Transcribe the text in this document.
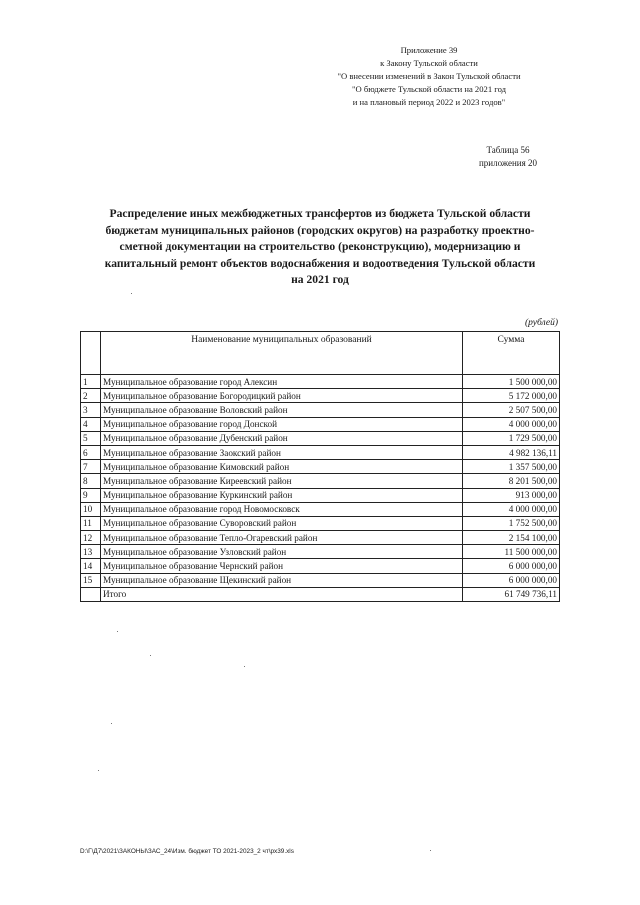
Приложение 39
к Закону Тульской области
"О внесении изменений в Закон Тульской области
"О бюджете Тульской области на 2021 год
и на плановый период 2022 и 2023 годов"
Таблица 56
приложения 20
Распределение иных межбюджетных трансфертов из бюджета Тульской области
бюджетам муниципальных районов (городских округов) на разработку проектно-
сметной документации на строительство (реконструкцию), модернизацию и
капитальный ремонт объектов водоснабжения и водоотведения Тульской области
на 2021 год
(рублей)
	Наименование муниципальных образований	Сумма
1	Муниципальное образование город Алексин	1 500 000,00
2	Муниципальное образование Богородицкий район	5 172 000,00
3	Муниципальное образование Воловский район	2 507 500,00
4	Муниципальное образование город Донской	4 000 000,00
5	Муниципальное образование Дубенский район	1 729 500,00
6	Муниципальное образование Заокский район	4 982 136,11
7	Муниципальное образование Кимовский район	1 357 500,00
8	Муниципальное образование Киреевский район	8 201 500,00
9	Муниципальное образование Куркинский район	913 000,00
10	Муниципальное образование город Новомосковск	4 000 000,00
11	Муниципальное образование Суворовский район	1 752 500,00
12	Муниципальное образование Тепло-Огаревский район	2 154 100,00
13	Муниципальное образование Узловский район	11 500 000,00
14	Муниципальное образование Чернский район	6 000 000,00
15	Муниципальное образование Щекинский район	6 000 000,00
	Итого	61 749 736,11
D:\Г\Д7\2021\ЗАКОНЫ\ЗАС_24\Изм. бюджет ТО 2021-2023_2 чт\рх39.xls
